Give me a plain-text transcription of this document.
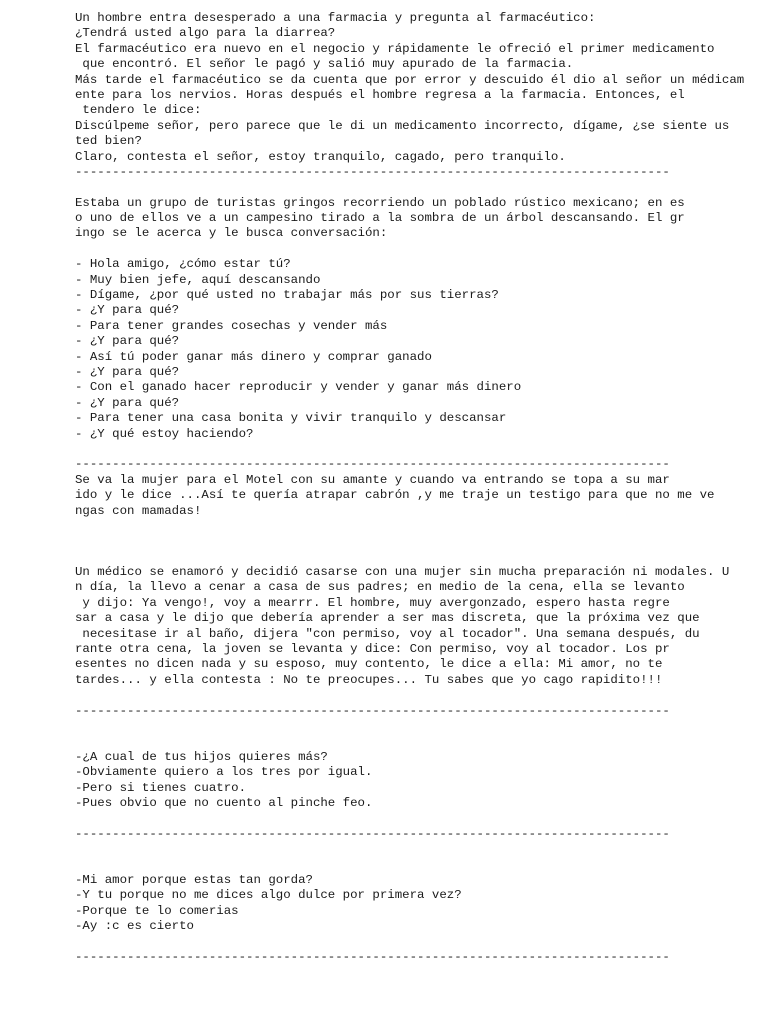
Un hombre entra desesperado a una farmacia y pregunta al farmacéutico:
¿Tendrá usted algo para la diarrea?
El farmacéutico era nuevo en el negocio y rápidamente le ofreció el primer medicamento
que encontró. El señor le pagó y salió muy apurado de la farmacia.
Más tarde el farmacéutico se da cuenta que por error y descuido él dio al señor un médicam
ente para los nervios. Horas después el hombre regresa a la farmacia. Entonces, el
tendero le dice:
Discúlpeme señor, pero parece que le di un medicamento incorrecto, dígame, ¿se siente us
ted bien?
Claro, contesta el señor, estoy tranquilo, cagado, pero tranquilo.
--------------------------------------------------------------------------------
Estaba un grupo de turistas gringos recorriendo un poblado rústico mexicano; en es
o uno de ellos ve a un campesino tirado a la sombra de un árbol descansando. El gr
ingo se le acerca y le busca conversación:
- Hola amigo, ¿cómo estar tú?
- Muy bien jefe, aquí descansando
- Dígame, ¿por qué usted no trabajar más por sus tierras?
- ¿Y para qué?
- Para tener grandes cosechas y vender más
- ¿Y para qué?
- Así tú poder ganar más dinero y comprar ganado
- ¿Y para qué?
- Con el ganado hacer reproducir y vender y ganar más dinero
- ¿Y para qué?
- Para tener una casa bonita y vivir tranquilo y descansar
- ¿Y qué estoy haciendo?
--------------------------------------------------------------------------------
Se va la mujer para el Motel con su amante y cuando va entrando se topa a su mar
ido y le dice ...Así te quería atrapar cabrón ,y me traje un testigo para que no me ve
ngas con mamadas!
Un médico se enamoró y decidió casarse con una mujer sin mucha preparación ni modales. U
n día, la llevo a cenar a casa de sus padres; en medio de la cena, ella se levanto
y dijo: Ya vengo!, voy a mearrr. El hombre, muy avergonzado, espero hasta regre
sar a casa y le dijo que debería aprender a ser mas discreta, que la próxima vez que
necesitase ir al baño, dijera "con permiso, voy al tocador". Una semana después, du
rante otra cena, la joven se levanta y dice: Con permiso, voy al tocador. Los pr
esentes no dicen nada y su esposo, muy contento, le dice a ella: Mi amor, no te
tardes... y ella contesta : No te preocupes... Tu sabes que yo cago rapidito!!!
--------------------------------------------------------------------------------
-¿A cual de tus hijos quieres más?
-Obviamente quiero a los tres por igual.
-Pero si tienes cuatro.
-Pues obvio que no cuento al pinche feo.
--------------------------------------------------------------------------------
-Mi amor porque estas tan gorda?
-Y tu porque no me dices algo dulce por primera vez?
-Porque te lo comerias
-Ay :c es cierto
--------------------------------------------------------------------------------
